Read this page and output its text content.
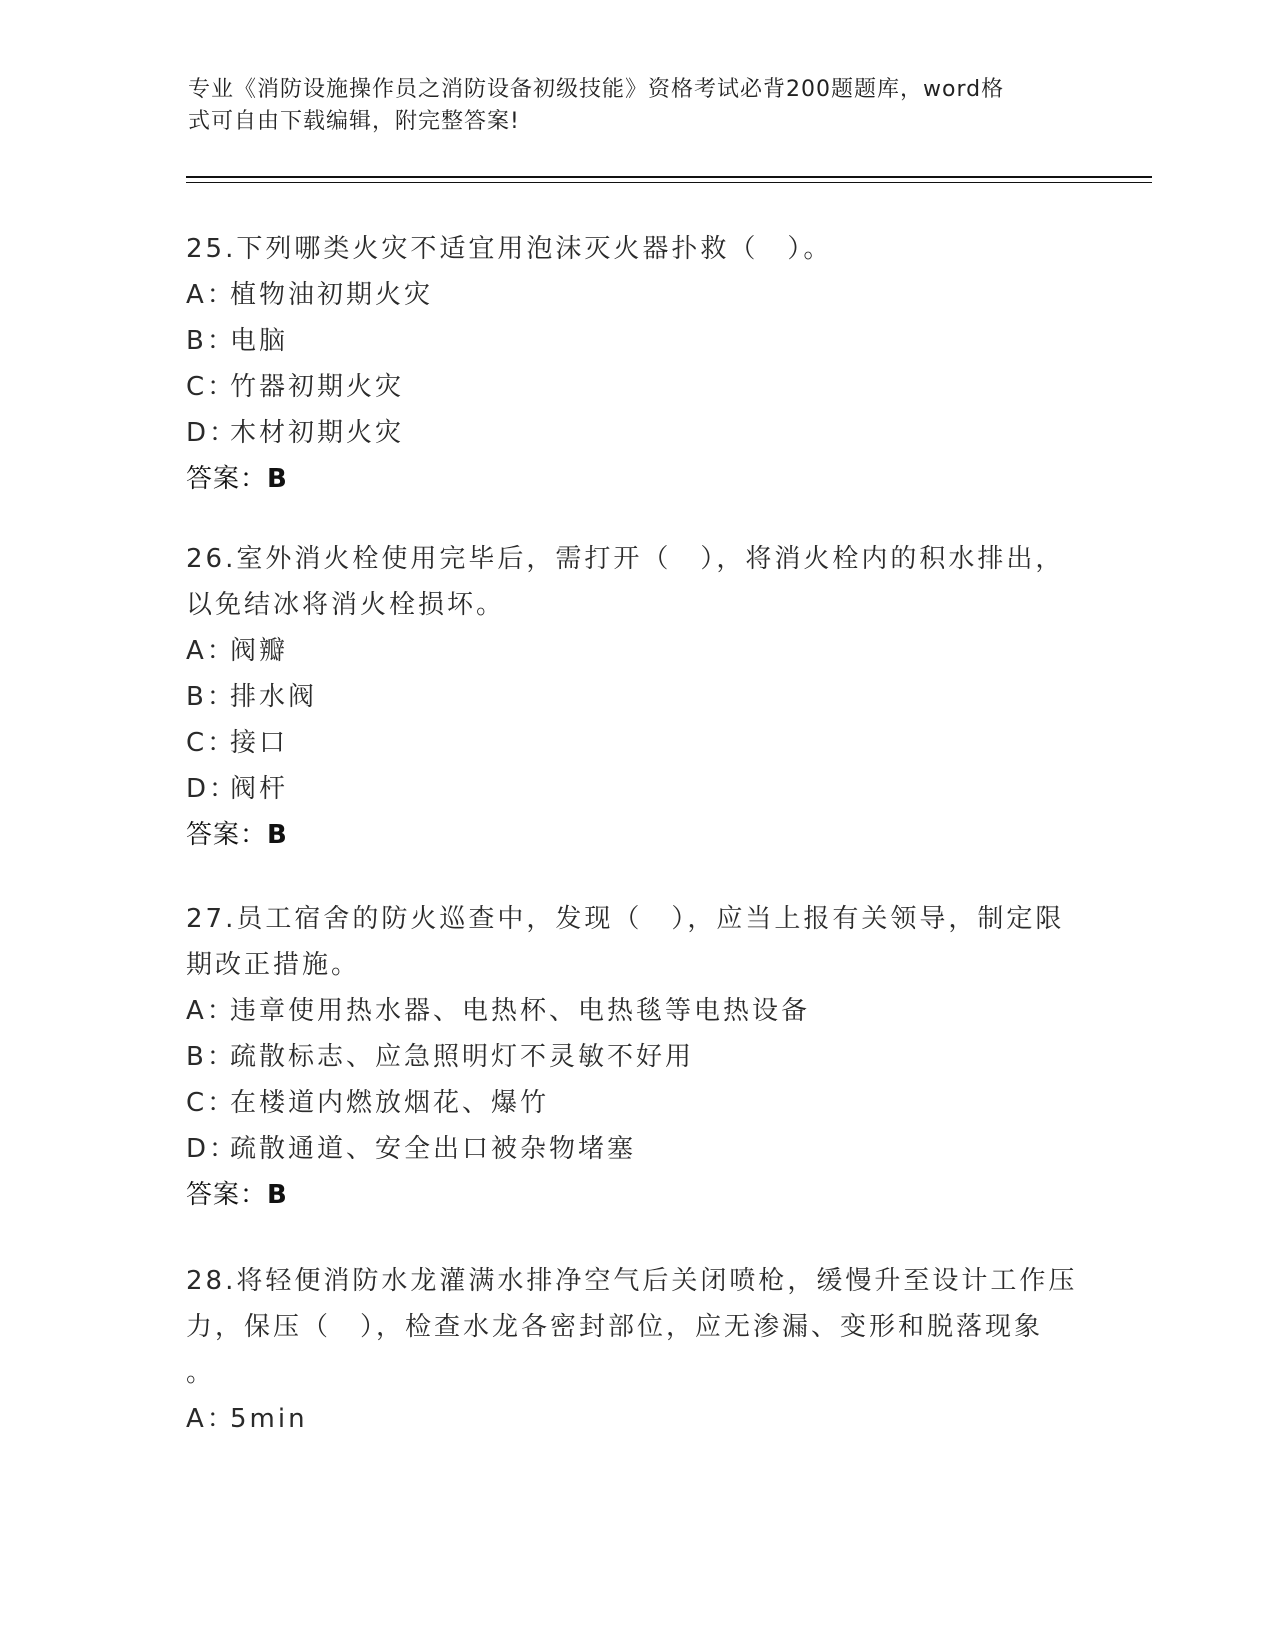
专业《消防设施操作员之消防设备初级技能》资格考试必背200题题库，word格
式可自由下载编辑，附完整答案!
25.下列哪类火灾不适宜用泡沫灭火器扑救（　）。
A：植物油初期火灾
B：电脑
C：竹器初期火灾
D：木材初期火灾
答案：B
26.室外消火栓使用完毕后，需打开（　），将消火栓内的积水排出，
以免结冰将消火栓损坏。
A：阀瓣
B：排水阀
C：接口
D：阀杆
答案：B
27.员工宿舍的防火巡查中，发现（　），应当上报有关领导，制定限
期改正措施。
A：违章使用热水器、电热杯、电热毯等电热设备
B：疏散标志、应急照明灯不灵敏不好用
C：在楼道内燃放烟花、爆竹
D：疏散通道、安全出口被杂物堵塞
答案：B
28.将轻便消防水龙灌满水排净空气后关闭喷枪，缓慢升至设计工作压
力，保压（　），检查水龙各密封部位，应无渗漏、变形和脱落现象
。
A：5min
